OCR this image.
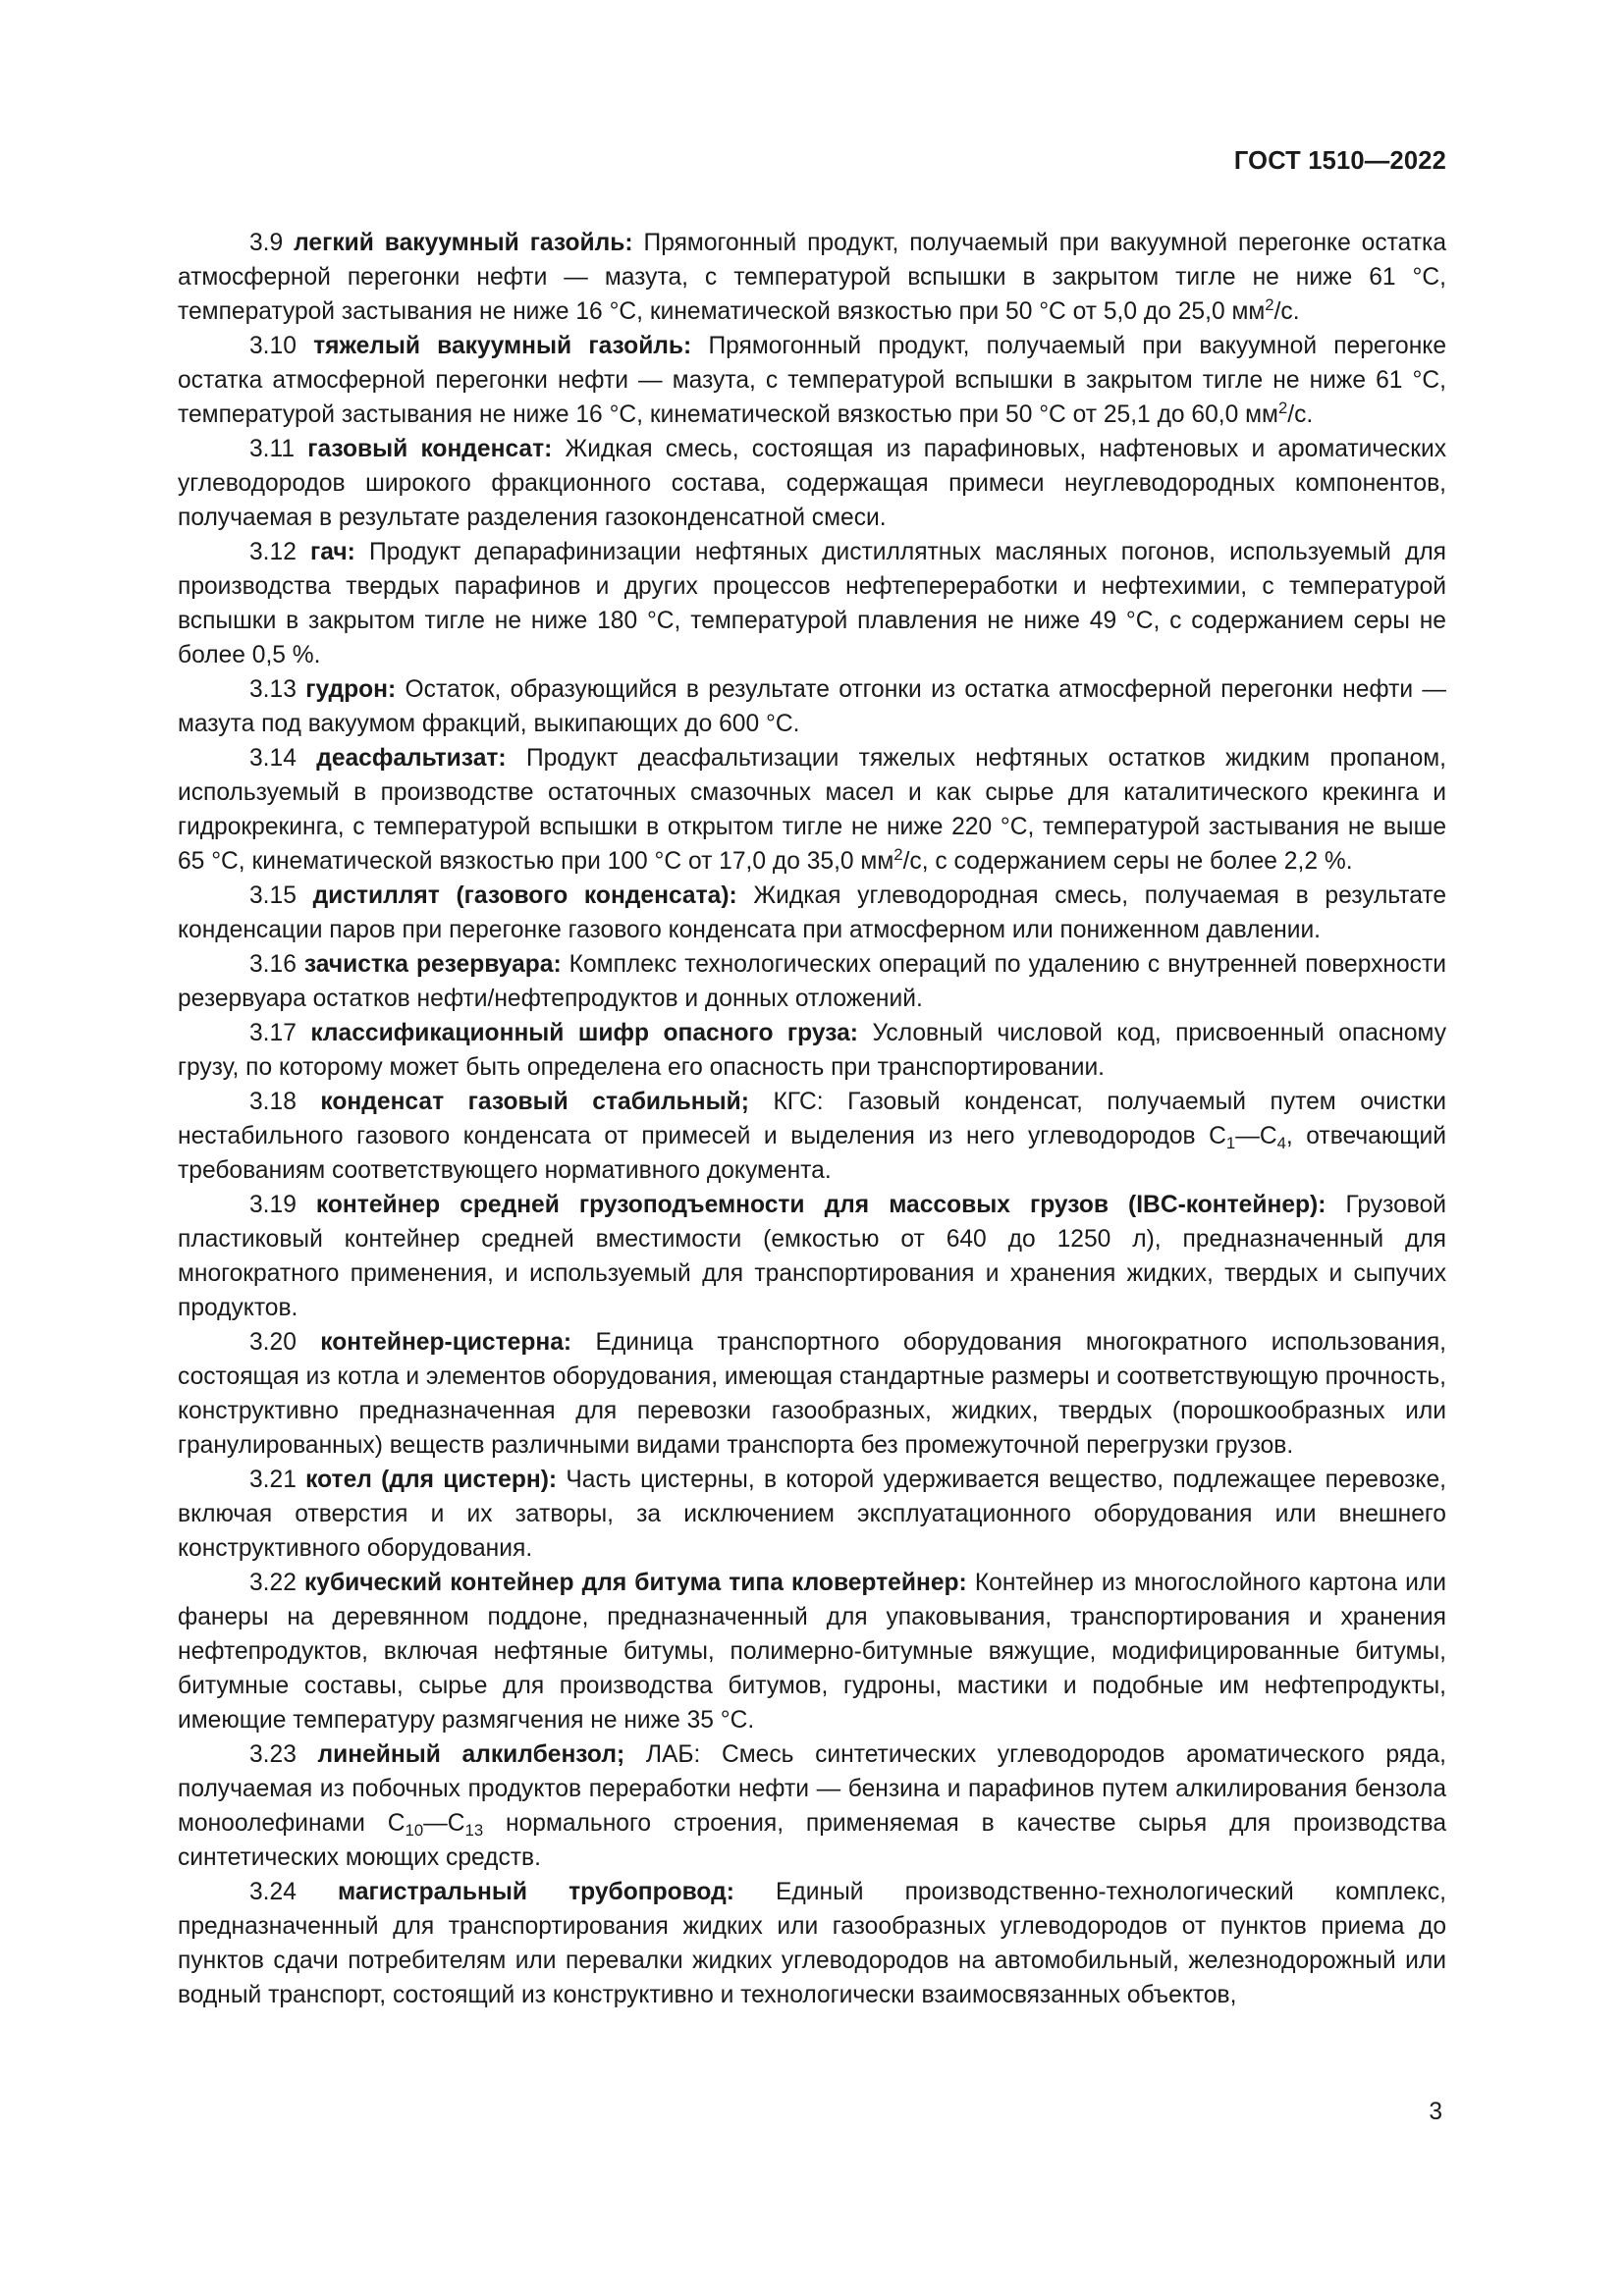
ГОСТ 1510—2022

3.9 легкий вакуумный газойль: Прямогонный продукт, получаемый при вакуумной перегонке остатка атмосферной перегонки нефти — мазута, с температурой вспышки в закрытом тигле не ниже 61 °С, температурой застывания не ниже 16 °С, кинематической вязкостью при 50 °С от 5,0 до 25,0 $мм^2/с$.

3.10 тяжелый вакуумный газойль: Прямогонный продукт, получаемый при вакуумной перегонке остатка атмосферной перегонки нефти — мазута, с температурой вспышки в закрытом тигле не ниже 61 °С, температурой застывания не ниже 16 °С, кинематической вязкостью при 50 °С от 25,1 до 60,0 $мм^2/с$.

3.11 газовый конденсат: Жидкая смесь, состоящая из парафиновых, нафтеновых и ароматических углеводородов широкого фракционного состава, содержащая примеси неуглеводородных компонентов, получаемая в результате разделения газоконденсатной смеси.

3.12 гач: Продукт депарафинизации нефтяных дистиллятных масляных погонов, используемый для производства твердых парафинов и других процессов нефтепереработки и нефтехимии, с температурой вспышки в закрытом тигле не ниже 180 °С, температурой плавления не ниже 49 °С, с содержанием серы не более 0,5 %.

3.13 гудрон: Остаток, образующийся в результате отгонки из остатка атмосферной перегонки нефти — мазута под вакуумом фракций, выкипающих до 600 °С.

3.14 деасфальтизат: Продукт деасфальтизации тяжелых нефтяных остатков жидким пропаном, используемый в производстве остаточных смазочных масел и как сырье для каталитического крекинга и гидрокрекинга, с температурой вспышки в открытом тигле не ниже 220 °С, температурой застывания не выше 65 °С, кинематической вязкостью при 100 °С от 17,0 до 35,0 $мм^2/с$, с содержанием серы не более 2,2 %.

3.15 дистиллят (газового конденсата): Жидкая углеводородная смесь, получаемая в результате конденсации паров при перегонке газового конденсата при атмосферном или пониженном давлении.

3.16 зачистка резервуара: Комплекс технологических операций по удалению с внутренней поверхности резервуара остатков нефти/нефтепродуктов и донных отложений.

3.17 классификационный шифр опасного груза: Условный числовой код, присвоенный опасному грузу, по которому может быть определена его опасность при транспортировании.

3.18 конденсат газовый стабильный; КГС: Газовый конденсат, получаемый путем очистки нестабильного газового конденсата от примесей и выделения из него углеводородов $С_1—С_4$, отвечающий требованиям соответствующего нормативного документа.

3.19 контейнер средней грузоподъемности для массовых грузов (IBC-контейнер): Грузовой пластиковый контейнер средней вместимости (емкостью от 640 до 1250 л), предназначенный для многократного применения, и используемый для транспортирования и хранения жидких, твердых и сыпучих продуктов.

3.20 контейнер-цистерна: Единица транспортного оборудования многократного использования, состоящая из котла и элементов оборудования, имеющая стандартные размеры и соответствующую прочность, конструктивно предназначенная для перевозки газообразных, жидких, твердых (порошкообразных или гранулированных) веществ различными видами транспорта без промежуточной перегрузки грузов.

3.21 котел (для цистерн): Часть цистерны, в которой удерживается вещество, подлежащее перевозке, включая отверстия и их затворы, за исключением эксплуатационного оборудования или внешнего конструктивного оборудования.

3.22 кубический контейнер для битума типа кловертейнер: Контейнер из многослойного картона или фанеры на деревянном поддоне, предназначенный для упаковывания, транспортирования и хранения нефтепродуктов, включая нефтяные битумы, полимерно-битумные вяжущие, модифицированные битумы, битумные составы, сырье для производства битумов, гудроны, мастики и подобные им нефтепродукты, имеющие температуру размягчения не ниже 35 °С.

3.23 линейный алкилбензол; ЛАБ: Смесь синтетических углеводородов ароматического ряда, получаемая из побочных продуктов переработки нефти — бензина и парафинов путем алкилирования бензола моноолефинами $С_{10}—С_{13}$ нормального строения, применяемая в качестве сырья для производства синтетических моющих средств.

3.24 магистральный трубопровод: Единый производственно-технологический комплекс, предназначенный для транспортирования жидких или газообразных углеводородов от пунктов приема до пунктов сдачи потребителям или перевалки жидких углеводородов на автомобильный, железнодорожный или водный транспорт, состоящий из конструктивно и технологически взаимосвязанных объектов,

3
